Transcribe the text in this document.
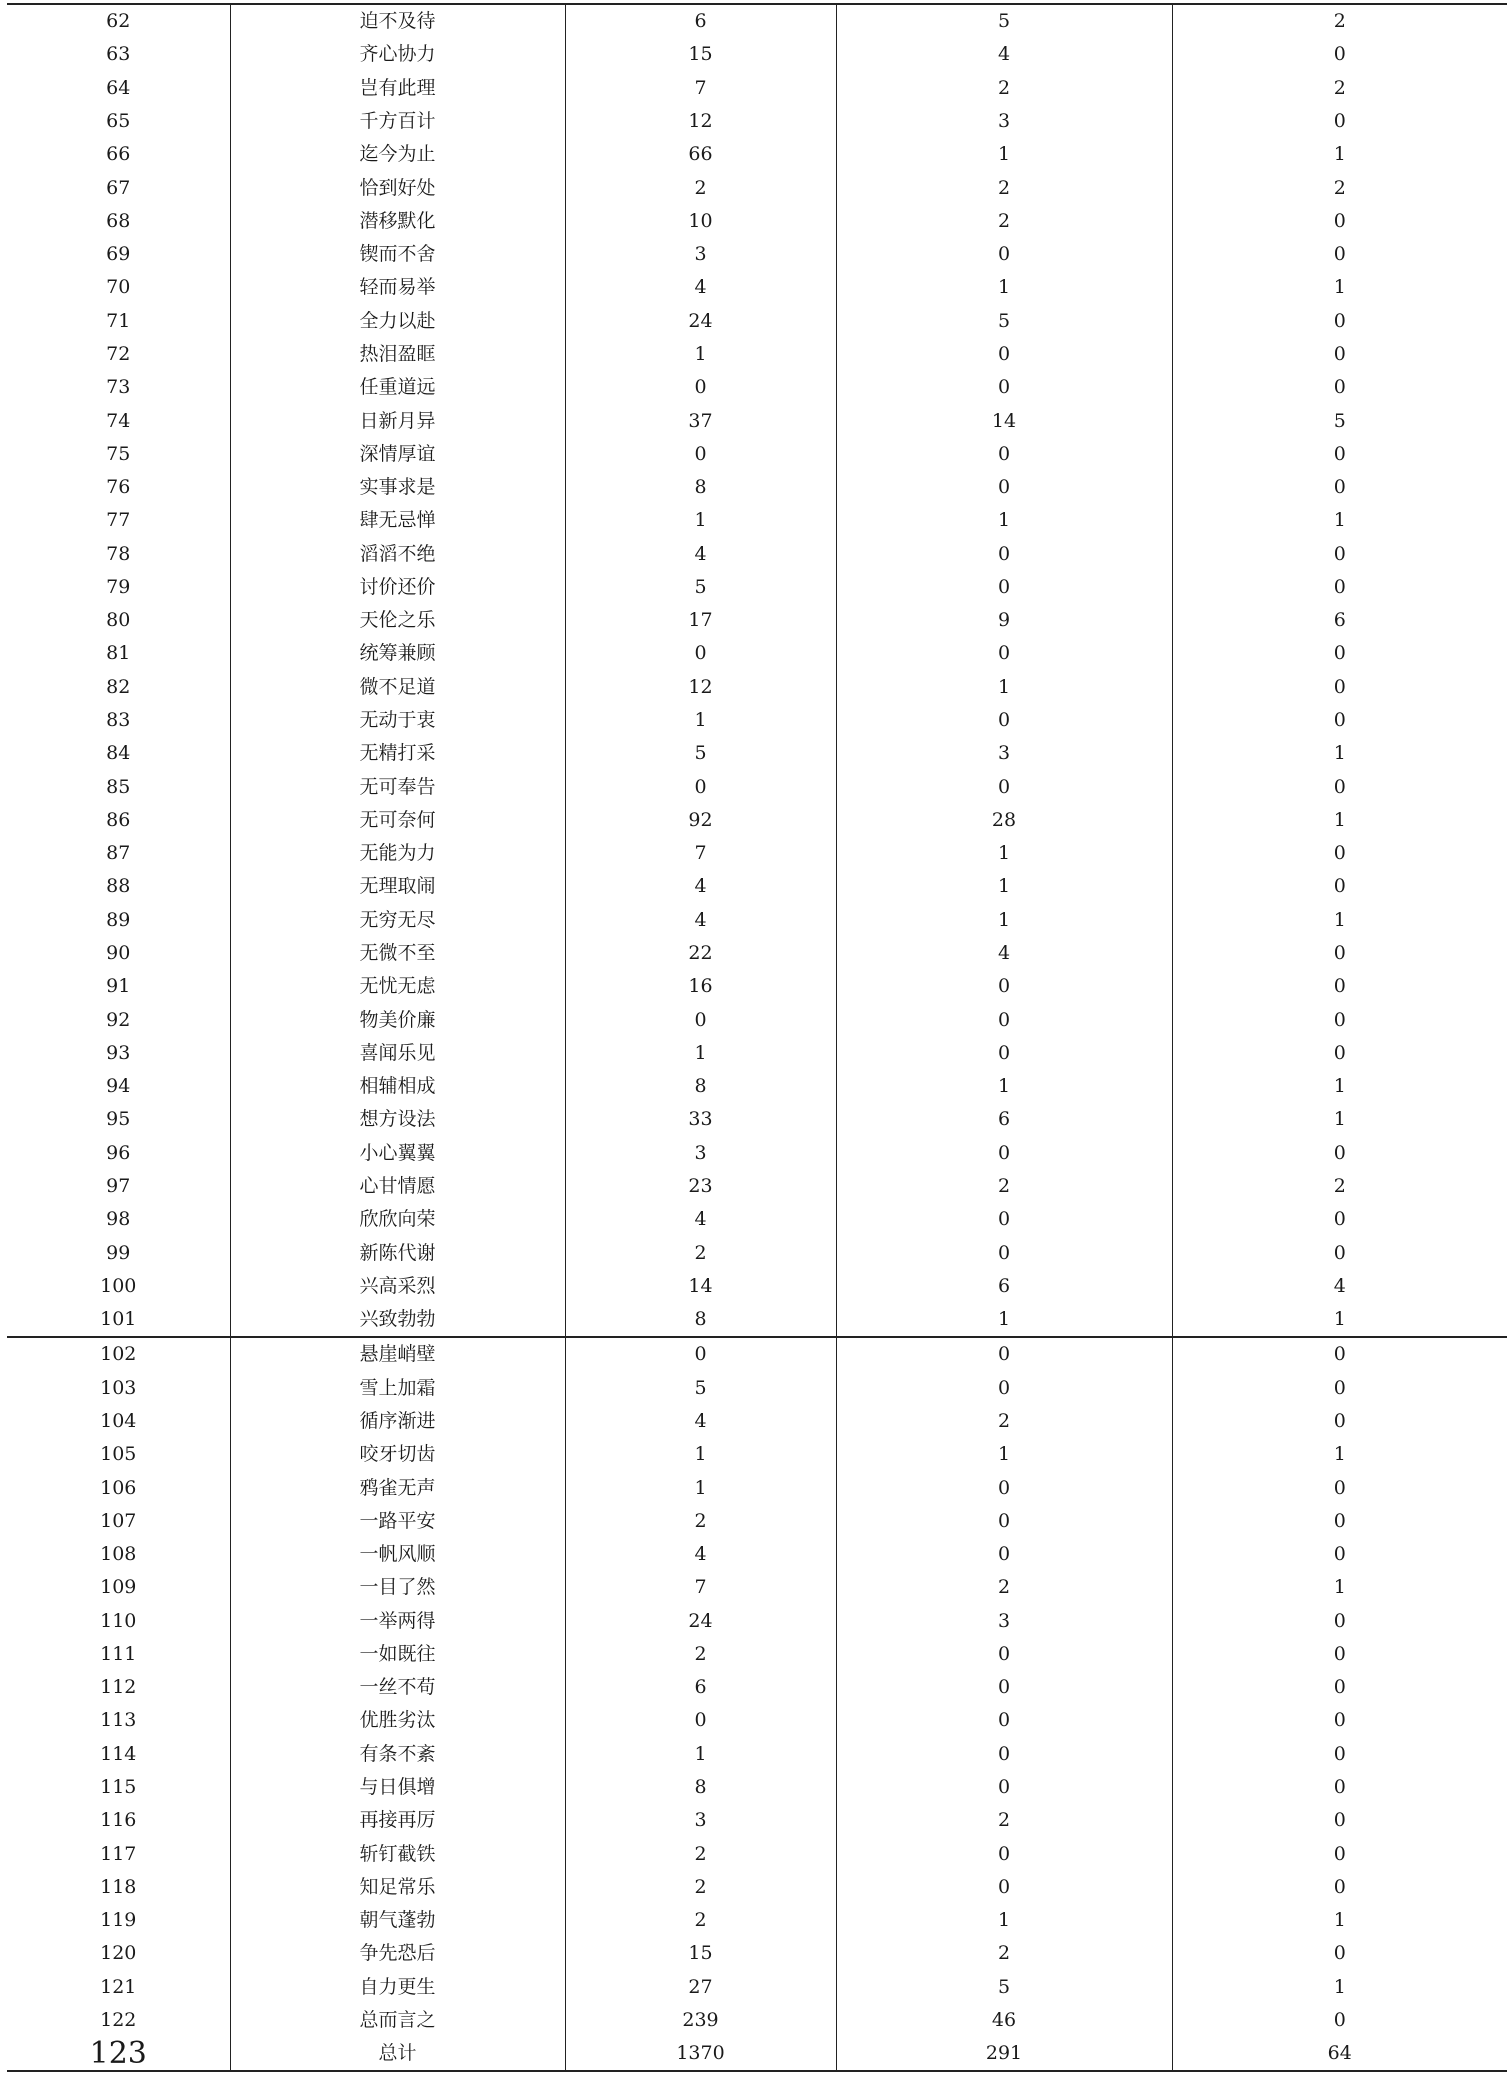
62	迫不及待	6	5	2
63	齐心协力	15	4	0
64	岂有此理	7	2	2
65	千方百计	12	3	0
66	迄今为止	66	1	1
67	恰到好处	2	2	2
68	潜移默化	10	2	0
69	锲而不舍	3	0	0
70	轻而易举	4	1	1
71	全力以赴	24	5	0
72	热泪盈眶	1	0	0
73	任重道远	0	0	0
74	日新月异	37	14	5
75	深情厚谊	0	0	0
76	实事求是	8	0	0
77	肆无忌惮	1	1	1
78	滔滔不绝	4	0	0
79	讨价还价	5	0	0
80	天伦之乐	17	9	6
81	统筹兼顾	0	0	0
82	微不足道	12	1	0
83	无动于衷	1	0	0
84	无精打采	5	3	1
85	无可奉告	0	0	0
86	无可奈何	92	28	1
87	无能为力	7	1	0
88	无理取闹	4	1	0
89	无穷无尽	4	1	1
90	无微不至	22	4	0
91	无忧无虑	16	0	0
92	物美价廉	0	0	0
93	喜闻乐见	1	0	0
94	相辅相成	8	1	1
95	想方设法	33	6	1
96	小心翼翼	3	0	0
97	心甘情愿	23	2	2
98	欣欣向荣	4	0	0
99	新陈代谢	2	0	0
100	兴高采烈	14	6	4
101	兴致勃勃	8	1	1
102	悬崖峭壁	0	0	0
103	雪上加霜	5	0	0
104	循序渐进	4	2	0
105	咬牙切齿	1	1	1
106	鸦雀无声	1	0	0
107	一路平安	2	0	0
108	一帆风顺	4	0	0
109	一目了然	7	2	1
110	一举两得	24	3	0
111	一如既往	2	0	0
112	一丝不苟	6	0	0
113	优胜劣汰	0	0	0
114	有条不紊	1	0	0
115	与日俱增	8	0	0
116	再接再厉	3	2	0
117	斩钉截铁	2	0	0
118	知足常乐	2	0	0
119	朝气蓬勃	2	1	1
120	争先恐后	15	2	0
121	自力更生	27	5	1
122	总而言之	239	46	0
123	总计	1370	291	64
